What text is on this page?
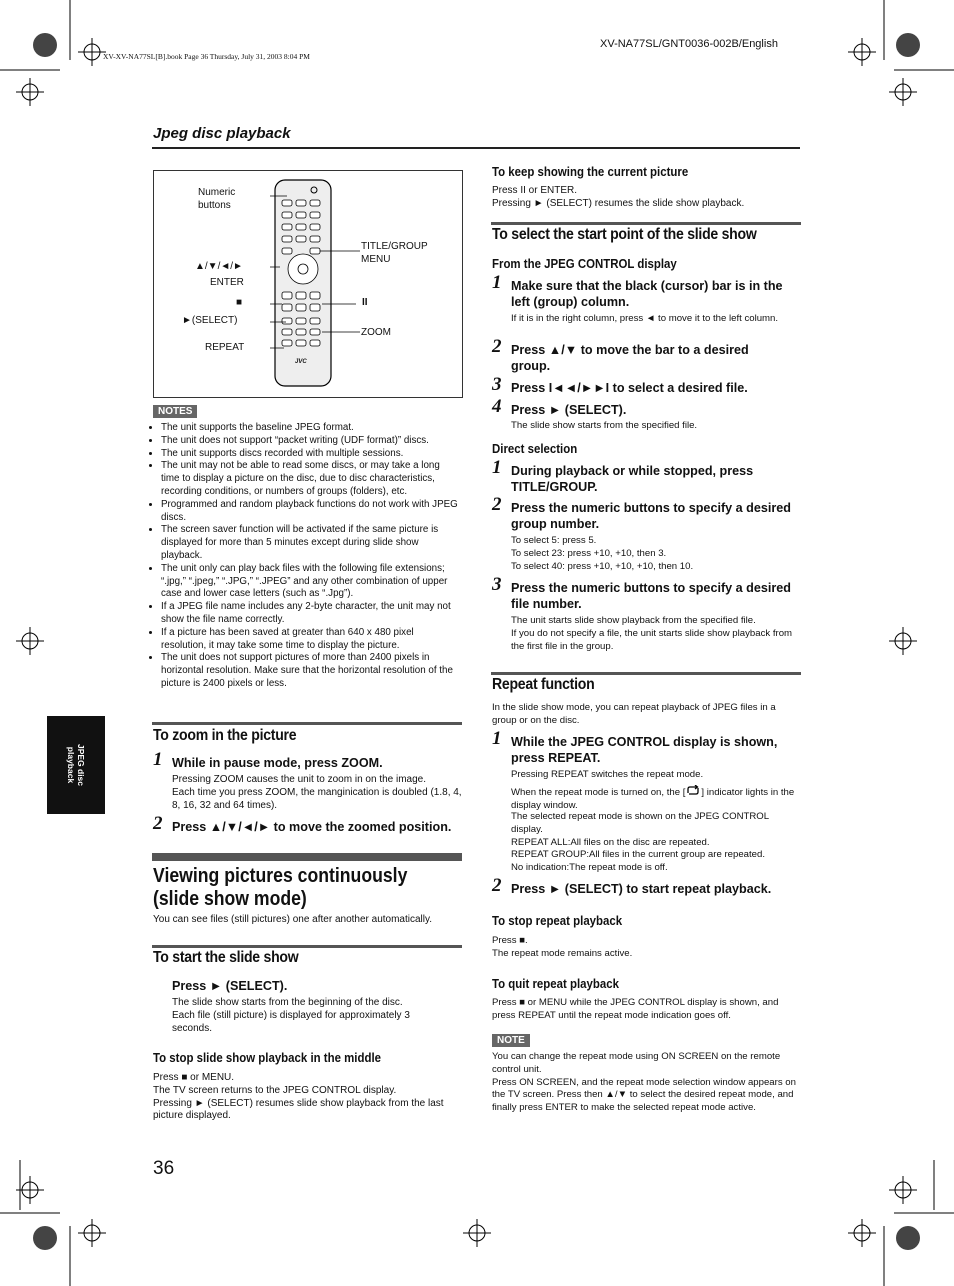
XV-XV-NA77SL[B].book Page 36 Thursday, July 31, 2003 8:04 PM
XV-NA77SL/GNT0036-002B/English
Jpeg disc playback
JPEG disc
playback
JVC
Numeric
buttons
▲/▼/◄/►
ENTER
■
►(SELECT)
REPEAT
TITLE/GROUP
MENU
II
ZOOM
NOTES
• The unit supports the baseline JPEG format.
• The unit does not support “packet writing (UDF format)” discs.
• The unit supports discs recorded with multiple sessions.
• The unit may not be able to read some discs, or may take a long time to display a picture on the disc, due to disc characteristics, recording conditions, or numbers of groups (folders), etc.
• Programmed and random playback functions do not work with JPEG discs.
• The screen saver function will be activated if the same picture is displayed for more than 5 minutes except during slide show playback.
• The unit only can play back files with the following file extensions; “.jpg,” “.jpeg,” “.JPG,” “.JPEG” and any other combination of upper case and lower case letters (such as “.Jpg”).
• If a JPEG file name includes any 2-byte character, the unit may not show the file name correctly.
• If a picture has been saved at greater than 640 x 480 pixel resolution, it may take some time to display the picture.
• The unit does not support pictures of more than 2400 pixels in horizontal resolution. Make sure that the horizontal resolution of the picture is 2400 pixels or less.
To zoom in the picture
1 While in pause mode, press ZOOM.
Pressing ZOOM causes the unit to zoom in on the image.
Each time you press ZOOM, the manginication is doubled (1.8, 4, 8, 16, 32 and 64 times).
2 Press ▲/▼/◄/► to move the zoomed position.
Viewing pictures continuously (slide show mode)
You can see files (still pictures) one after another automatically.
To start the slide show
Press ► (SELECT).
The slide show starts from the beginning of the disc.
Each file (still picture) is displayed for approximately 3 seconds.
To stop slide show playback in the middle
Press ■ or MENU.
The TV screen returns to the JPEG CONTROL display.
Pressing ► (SELECT) resumes slide show playback from the last picture displayed.
36
To keep showing the current picture
Press II or ENTER.
Pressing ► (SELECT) resumes the slide show playback.
To select the start point of the slide show
From the JPEG CONTROL display
1 Make sure that the black (cursor) bar is in the left (group) column.
If it is in the right column, press ◄ to move it to the left column.
2 Press ▲/▼ to move the bar to a desired group.
3 Press I◄◄/►►I to select a desired file.
4 Press ► (SELECT).
The slide show starts from the specified file.
Direct selection
1 During playback or while stopped, press TITLE/GROUP.
2 Press the numeric buttons to specify a desired group number.
To select 5: press 5.
To select 23: press +10, +10, then 3.
To select 40: press +10, +10, +10, then 10.
3 Press the numeric buttons to specify a desired file number.
The unit starts slide show playback from the specified file.
If you do not specify a file, the unit starts slide show playback from the first file in the group.
Repeat function
In the slide show mode, you can repeat playback of JPEG files in a group or on the disc.
1 While the JPEG CONTROL display is shown, press REPEAT.
Pressing REPEAT switches the repeat mode.
When the repeat mode is turned on, the [ ] indicator lights in the display window.
The selected repeat mode is shown on the JPEG CONTROL display.
REPEAT ALL:All files on the disc are repeated.
REPEAT GROUP:All files in the current group are repeated.
No indication:The repeat mode is off.
2 Press ► (SELECT) to start repeat playback.
To stop repeat playback
Press ■.
The repeat mode remains active.
To quit repeat playback
Press ■ or MENU while the JPEG CONTROL display is shown, and press REPEAT until the repeat mode indication goes off.
NOTE
You can change the repeat mode using ON SCREEN on the remote control unit.
Press ON SCREEN, and the repeat mode selection window appears on the TV screen. Press then ▲/▼ to select the desired repeat mode, and finally press ENTER to make the selected repeat mode active.
